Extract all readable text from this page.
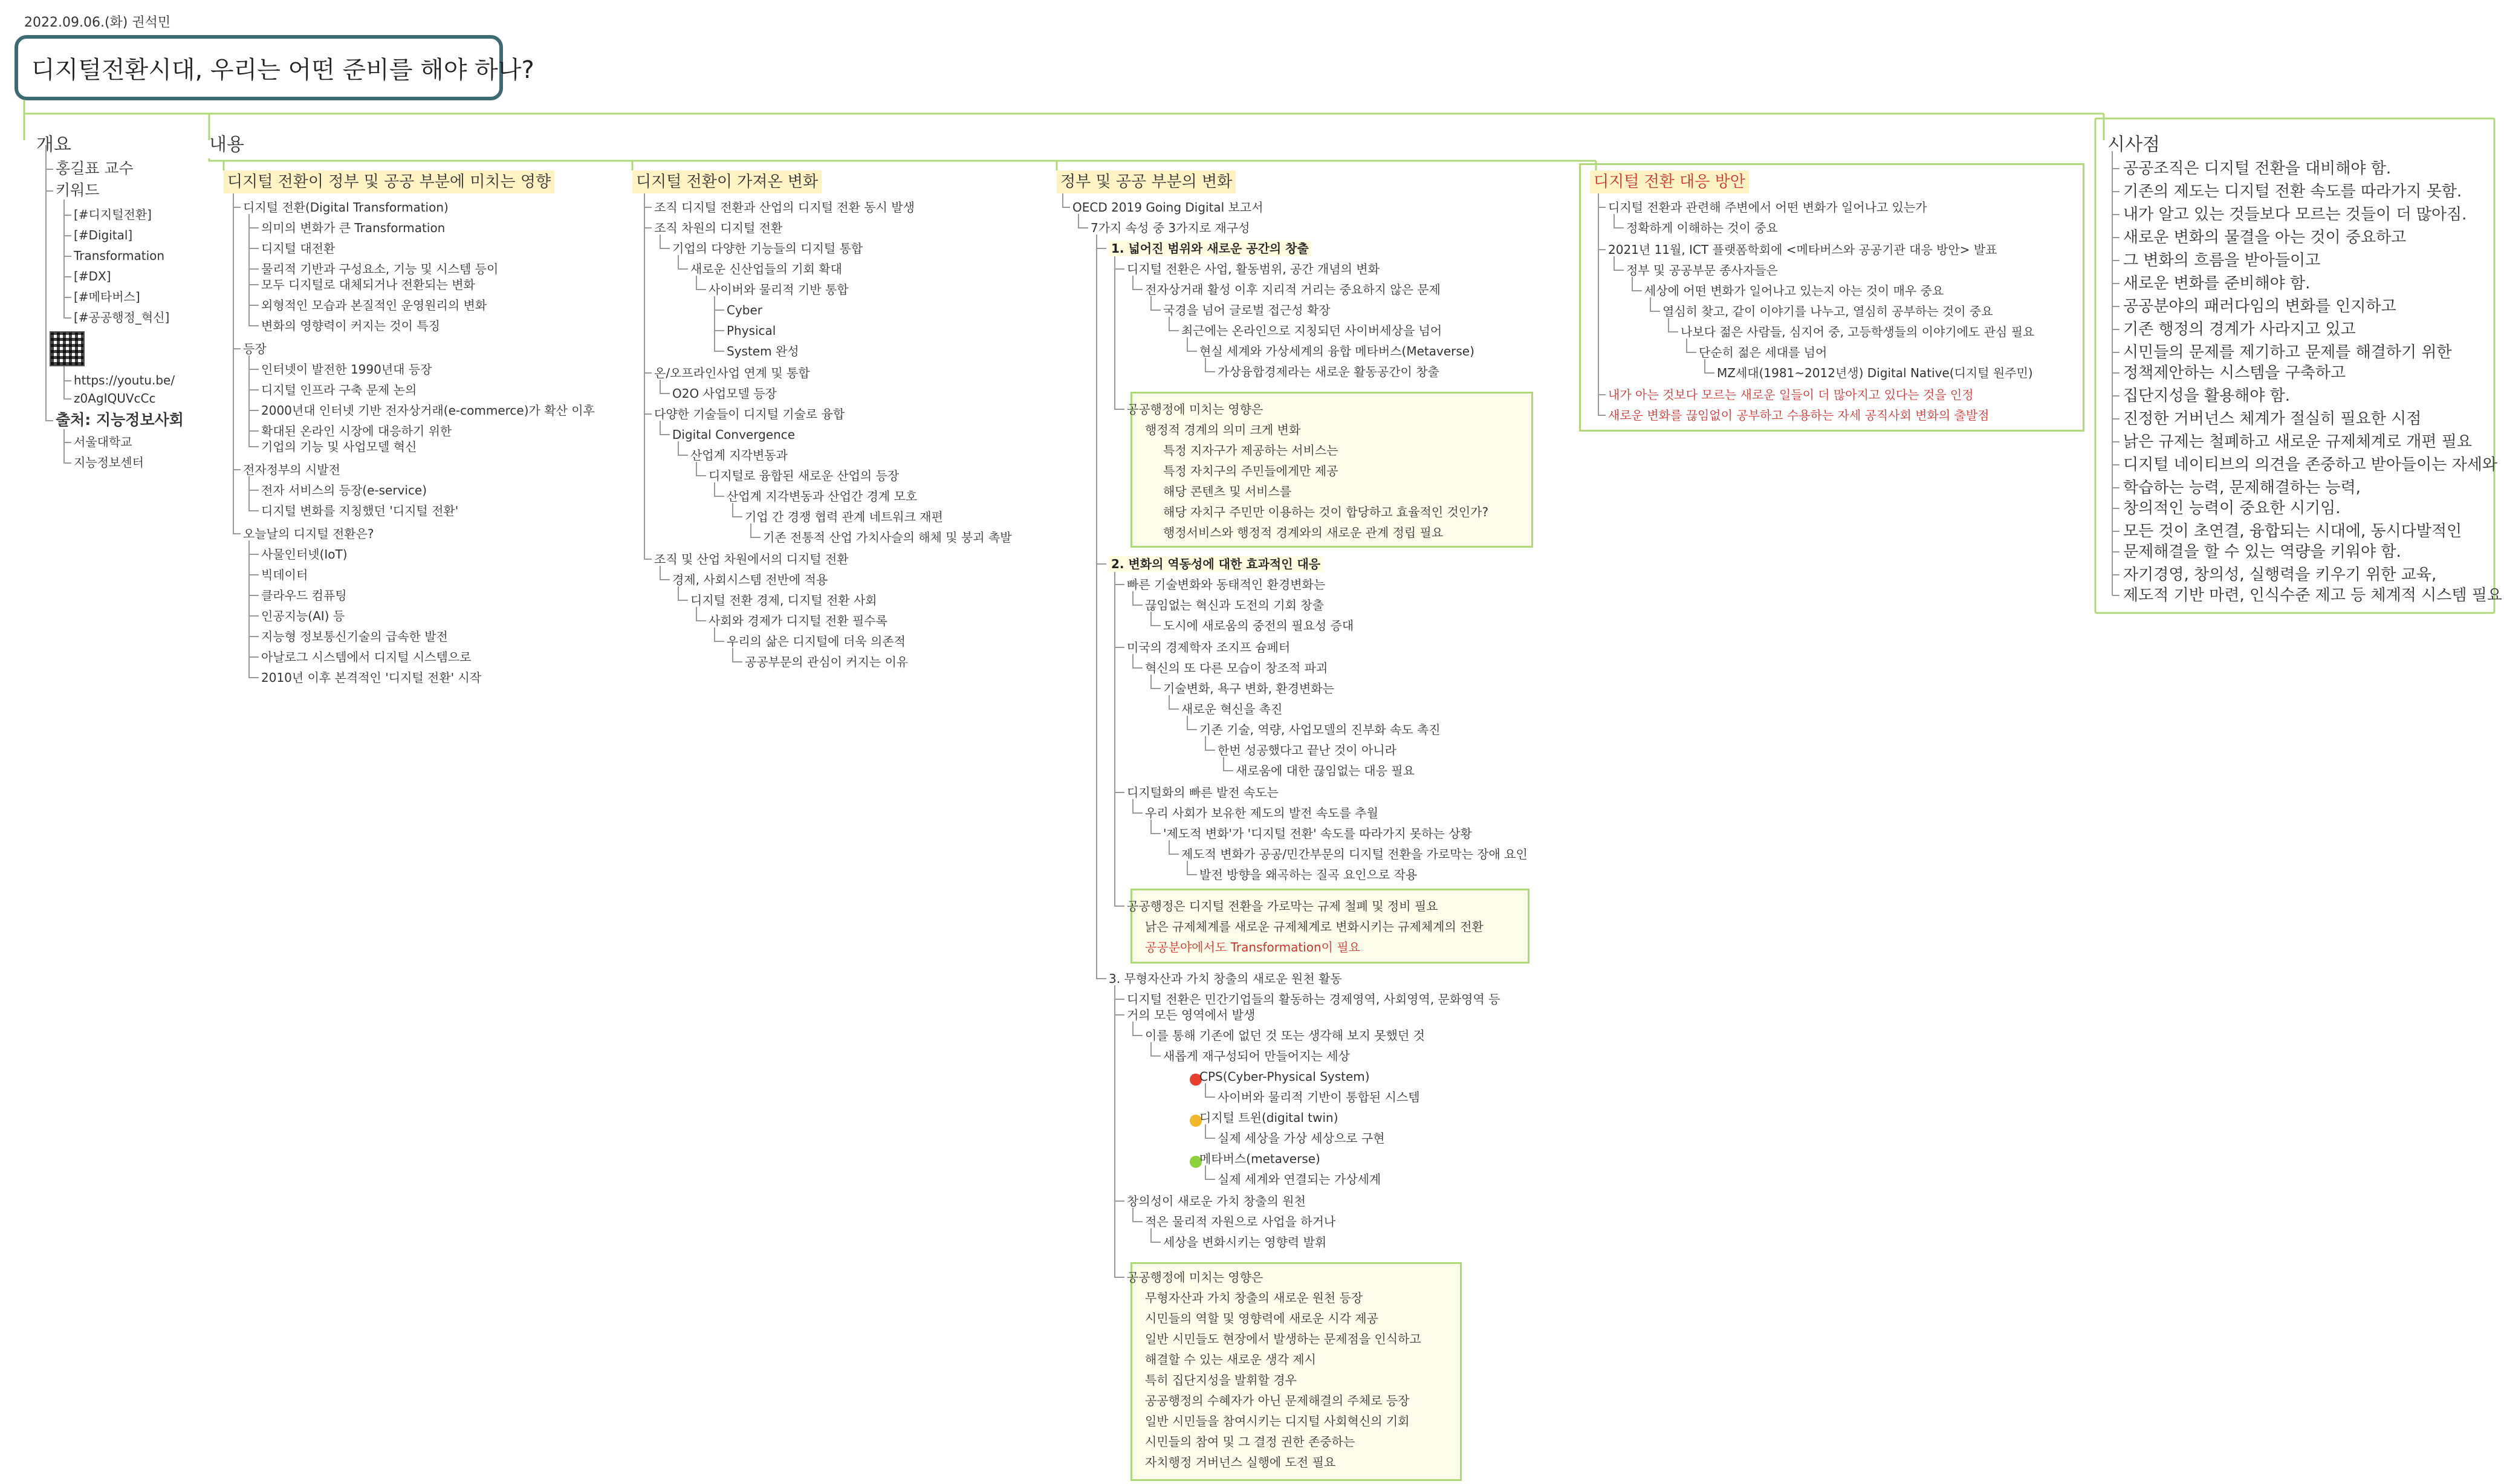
2022.09.06.(화) 권석민
디지털전환시대, 우리는 어떤 준비를 해야 하나?
개요	내용	시사점
홍길표 교수
키워드
[#디지털전환]
[#Digital]
Transformation
[#DX]
[#메타버스]
[#공공행정_혁신]
https://youtu.be/
z0AgIQUVcCc
출처: 지능정보사회
서울대학교
지능정보센터
디지털 전환이 정부 및 공공 부분에 미치는 영향	디지털 전환이 가져온 변화	정부 및 공공 부분의 변화	디지털 전환 대응 방안
디지털 전환(Digital Transformation)
의미의 변화가 큰 Transformation
디지털 대전환
물리적 기반과 구성요소, 기능 및 시스템 등이
모두 디지털로 대체되거나 전환되는 변화
외형적인 모습과 본질적인 운영원리의 변화
변화의 영향력이 커지는 것이 특징
등장
인터넷이 발전한 1990년대 등장
디지털 인프라 구축 문제 논의
2000년대 인터넷 기반 전자상거래(e-commerce)가 확산 이후
확대된 온라인 시장에 대응하기 위한
기업의 기능 및 사업모델 혁신
전자정부의 시발전
전자 서비스의 등장(e-service)
디지털 변화를 지칭했던 '디지털 전환'
오늘날의 디지털 전환은?
사물인터넷(IoT)
빅데이터
클라우드 컴퓨팅
인공지능(AI) 등
지능형 정보통신기술의 급속한 발전
아날로그 시스템에서 디지털 시스템으로
2010년 이후 본격적인 '디지털 전환' 시작
조직 디지털 전환과 산업의 디지털 전환 동시 발생
조직 차원의 디지털 전환
기업의 다양한 기능들의 디지털 통합
새로운 신산업들의 기회 확대
사이버와 물리적 기반 통합
Cyber
Physical
System 완성
온/오프라인사업 연계 및 통합
O2O 사업모델 등장
다양한 기술들이 디지털 기술로 융합
Digital Convergence
산업계 지각변동과
디지털로 융합된 새로운 산업의 등장
산업계 지각변동과 산업간 경계 모호
기업 간 경쟁 협력 관계 네트워크 재편
기존 전통적 산업 가치사슬의 해체 및 붕괴 촉발
조직 및 산업 차원에서의 디지털 전환
경제, 사회시스템 전반에 적용
디지털 전환 경제, 디지털 전환 사회
사회와 경제가 디지털 전환 필수록
우리의 삶은 디지털에 더욱 의존적
공공부문의 관심이 커지는 이유
OECD 2019 Going Digital 보고서
7가지 속성 중 3가지로 재구성
1. 넓어진 범위와 새로운 공간의 창출
디지털 전환은 사업, 활동범위, 공간 개념의 변화
전자상거래 활성 이후 지리적 거리는 중요하지 않은 문제
국경을 넘어 글로벌 접근성 확장
최근에는 온라인으로 지칭되던 사이버세상을 넘어
현실 세계와 가상세계의 융합 메타버스(Metaverse)
가상융합경제라는 새로운 활동공간이 창출
공공행정에 미치는 영향은
행정적 경계의 의미 크게 변화
특정 지자구가 제공하는 서비스는
특정 자치구의 주민들에게만 제공
해당 콘텐츠 및 서비스를
해당 자치구 주민만 이용하는 것이 합당하고 효율적인 것인가?
행정서비스와 행정적 경계와의 새로운 관계 정립 필요
2. 변화의 역동성에 대한 효과적인 대응
빠른 기술변화와 동태적인 환경변화는
끊임없는 혁신과 도전의 기회 창출
도시에 새로움의 중전의 필요성 증대
미국의 경제학자 조지프 슘페터
혁신의 또 다른 모습이 창조적 파괴
기술변화, 욕구 변화, 환경변화는
새로운 혁신을 촉진
기존 기술, 역량, 사업모델의 진부화 속도 촉진
한번 성공했다고 끝난 것이 아니라
새로움에 대한 끊임없는 대응 필요
디지털화의 빠른 발전 속도는
우리 사회가 보유한 제도의 발전 속도를 추월
'제도적 변화'가 '디지털 전환' 속도를 따라가지 못하는 상황
제도적 변화가 공공/민간부문의 디지털 전환을 가로막는 장애 요인
발전 방향을 왜곡하는 질곡 요인으로 작용
공공행정은 디지털 전환을 가로막는 규제 철폐 및 정비 필요
낡은 규제체계를 새로운 규제체계로 변화시키는 규제체계의 전환
공공분야에서도 Transformation이 필요
3. 무형자산과 가치 창출의 새로운 원천 활동
디지털 전환은 민간기업들의 활동하는 경제영역, 사회영역, 문화영역 등
거의 모든 영역에서 발생
이를 통해 기존에 없던 것 또는 생각해 보지 못했던 것
새롭게 재구성되어 만들어지는 세상
CPS(Cyber-Physical System)
사이버와 물리적 기반이 통합된 시스템
디지털 트윈(digital twin)
실제 세상을 가상 세상으로 구현
메타버스(metaverse)
실제 세계와 연결되는 가상세계
창의성이 새로운 가치 창출의 원천
적은 물리적 자원으로 사업을 하거나
세상을 변화시키는 영향력 발휘
공공행정에 미치는 영향은
무형자산과 가치 창출의 새로운 원천 등장
시민들의 역할 및 영향력에 새로운 시각 제공
일반 시민들도 현장에서 발생하는 문제점을 인식하고
해결할 수 있는 새로운 생각 제시
특히 집단지성을 발휘할 경우
공공행정의 수혜자가 아닌 문제해결의 주체로 등장
일반 시민들을 참여시키는 디지털 사회혁신의 기회
시민들의 참여 및 그 결정 권한 존중하는
자치행정 거버넌스 실행에 도전 필요
디지털 전환과 관련해 주변에서 어떤 변화가 일어나고 있는가
정확하게 이해하는 것이 중요
2021년 11월, ICT 플랫폼학회에 <메타버스와 공공기관 대응 방안> 발표
정부 및 공공부문 종사자들은
세상에 어떤 변화가 일어나고 있는지 아는 것이 매우 중요
열심히 찾고, 같이 이야기를 나누고, 열심히 공부하는 것이 중요
나보다 젊은 사람들, 심지어 중, 고등학생들의 이야기에도 관심 필요
단순히 젊은 세대를 넘어
MZ세대(1981~2012년생) Digital Native(디지털 원주민)
내가 아는 것보다 모르는 새로운 일들이 더 많아지고 있다는 것을 인정
새로운 변화를 끊임없이 공부하고 수용하는 자세 공직사회 변화의 출발점
공공조직은 디지털 전환을 대비해야 함.
기존의 제도는 디지털 전환 속도를 따라가지 못함.
내가 알고 있는 것들보다 모르는 것들이 더 많아짐.
새로운 변화의 물결을 아는 것이 중요하고
그 변화의 흐름을 받아들이고
새로운 변화를 준비해야 함.
공공분야의 패러다임의 변화를 인지하고
기존 행정의 경계가 사라지고 있고
시민들의 문제를 제기하고 문제를 해결하기 위한
정책제안하는 시스템을 구축하고
집단지성을 활용해야 함.
진정한 거버넌스 체계가 절실히 필요한 시점
낡은 규제는 철폐하고 새로운 규제체계로 개편 필요
디지털 네이티브의 의견을 존중하고 받아들이는 자세와
학습하는 능력, 문제해결하는 능력,
창의적인 능력이 중요한 시기임.
모든 것이 초연결, 융합되는 시대에, 동시다발적인
문제해결을 할 수 있는 역량을 키워야 함.
자기경영, 창의성, 실행력을 키우기 위한 교육,
제도적 기반 마련, 인식수준 제고 등 체계적 시스템 필요
